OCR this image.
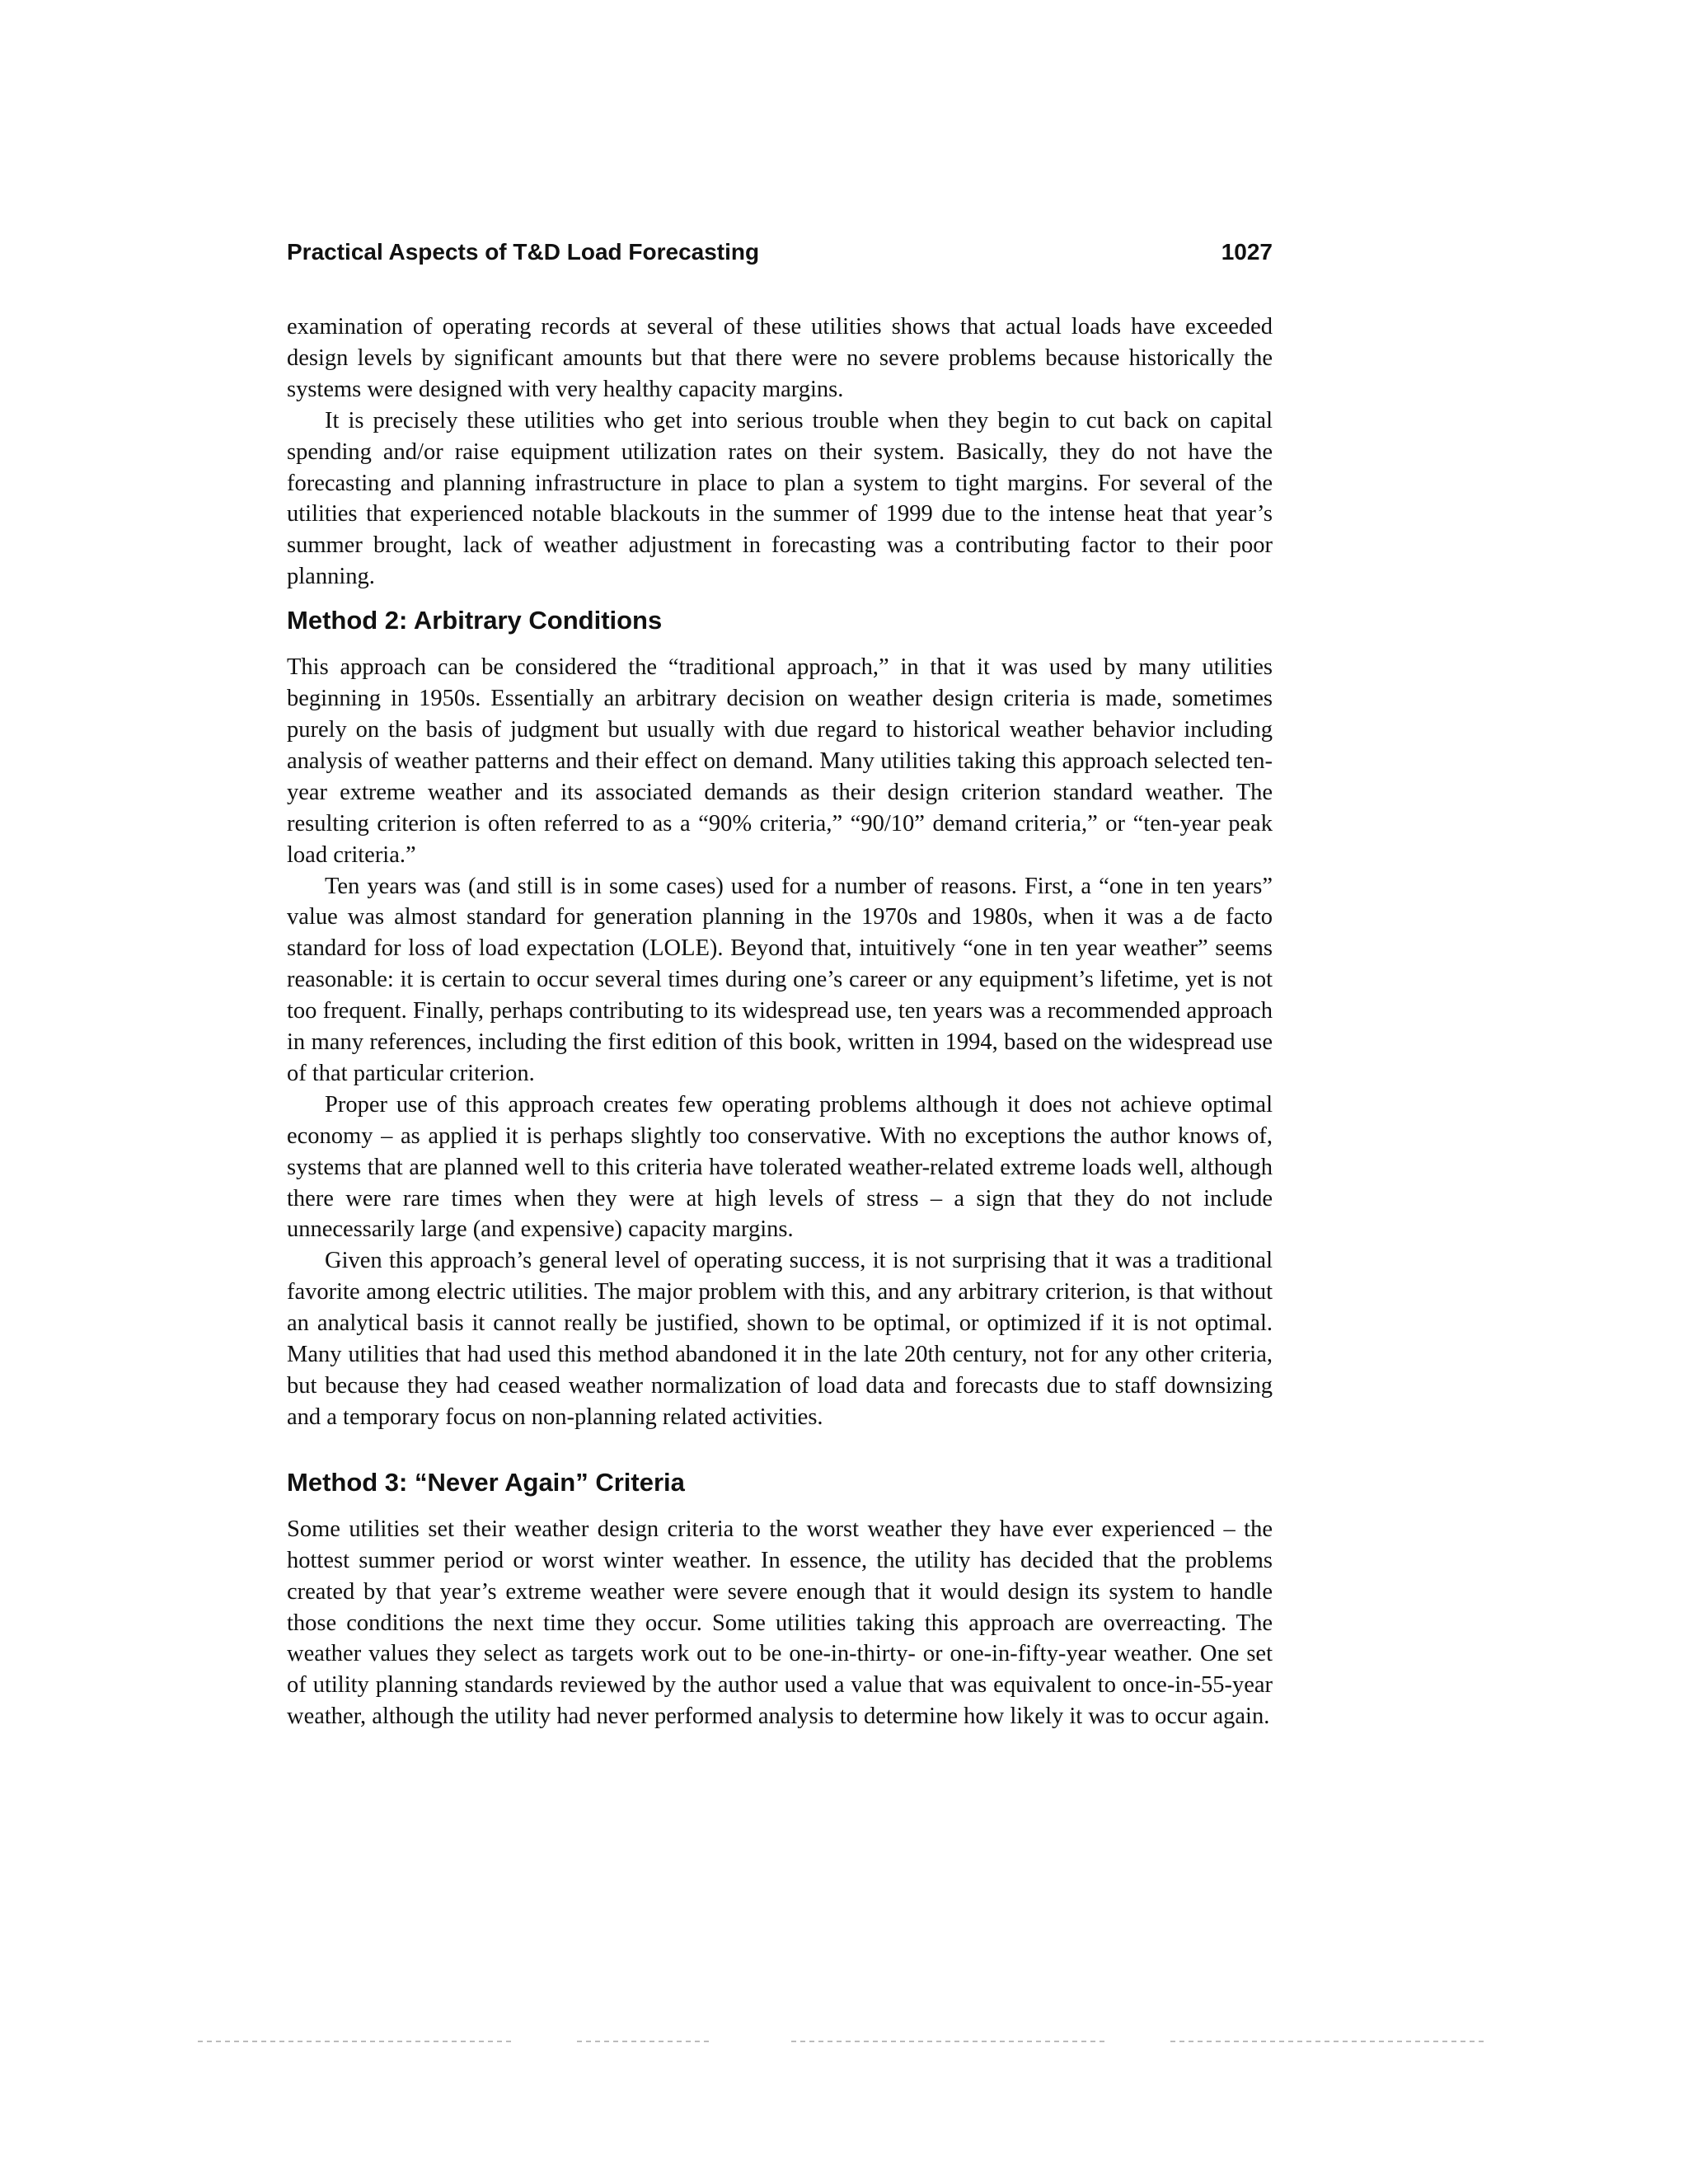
Practical Aspects of T&D Load Forecasting	1027

examination of operating records at several of these utilities shows that actual loads have exceeded design levels by significant amounts but that there were no severe problems because historically the systems were designed with very healthy capacity margins.

It is precisely these utilities who get into serious trouble when they begin to cut back on capital spending and/or raise equipment utilization rates on their system. Basically, they do not have the forecasting and planning infrastructure in place to plan a system to tight margins. For several of the utilities that experienced notable blackouts in the summer of 1999 due to the intense heat that year’s summer brought, lack of weather adjustment in forecasting was a contributing factor to their poor planning.

Method 2: Arbitrary Conditions

This approach can be considered the “traditional approach,” in that it was used by many utilities beginning in 1950s. Essentially an arbitrary decision on weather design criteria is made, sometimes purely on the basis of judgment but usually with due regard to historical weather behavior including analysis of weather patterns and their effect on demand. Many utilities taking this approach selected ten-year extreme weather and its associated demands as their design criterion standard weather. The resulting criterion is often referred to as a “90% criteria,” “90/10” demand criteria,” or “ten-year peak load criteria.”

Ten years was (and still is in some cases) used for a number of reasons. First, a “one in ten years” value was almost standard for generation planning in the 1970s and 1980s, when it was a de facto standard for loss of load expectation (LOLE). Beyond that, intuitively “one in ten year weather” seems reasonable: it is certain to occur several times during one’s career or any equipment’s lifetime, yet is not too frequent. Finally, perhaps contributing to its widespread use, ten years was a recommended approach in many references, including the first edition of this book, written in 1994, based on the widespread use of that particular criterion.

Proper use of this approach creates few operating problems although it does not achieve optimal economy – as applied it is perhaps slightly too conservative. With no exceptions the author knows of, systems that are planned well to this criteria have tolerated weather-related extreme loads well, although there were rare times when they were at high levels of stress – a sign that they do not include unnecessarily large (and expensive) capacity margins.

Given this approach’s general level of operating success, it is not surprising that it was a traditional favorite among electric utilities. The major problem with this, and any arbitrary criterion, is that without an analytical basis it cannot really be justified, shown to be optimal, or optimized if it is not optimal. Many utilities that had used this method abandoned it in the late 20th century, not for any other criteria, but because they had ceased weather normalization of load data and forecasts due to staff downsizing and a temporary focus on non-planning related activities.

Method 3: “Never Again” Criteria

Some utilities set their weather design criteria to the worst weather they have ever experienced – the hottest summer period or worst winter weather. In essence, the utility has decided that the problems created by that year’s extreme weather were severe enough that it would design its system to handle those conditions the next time they occur. Some utilities taking this approach are overreacting. The weather values they select as targets work out to be one-in-thirty- or one-in-fifty-year weather. One set of utility planning standards reviewed by the author used a value that was equivalent to once-in-55-year weather, although the utility had never performed analysis to determine how likely it was to occur again.
